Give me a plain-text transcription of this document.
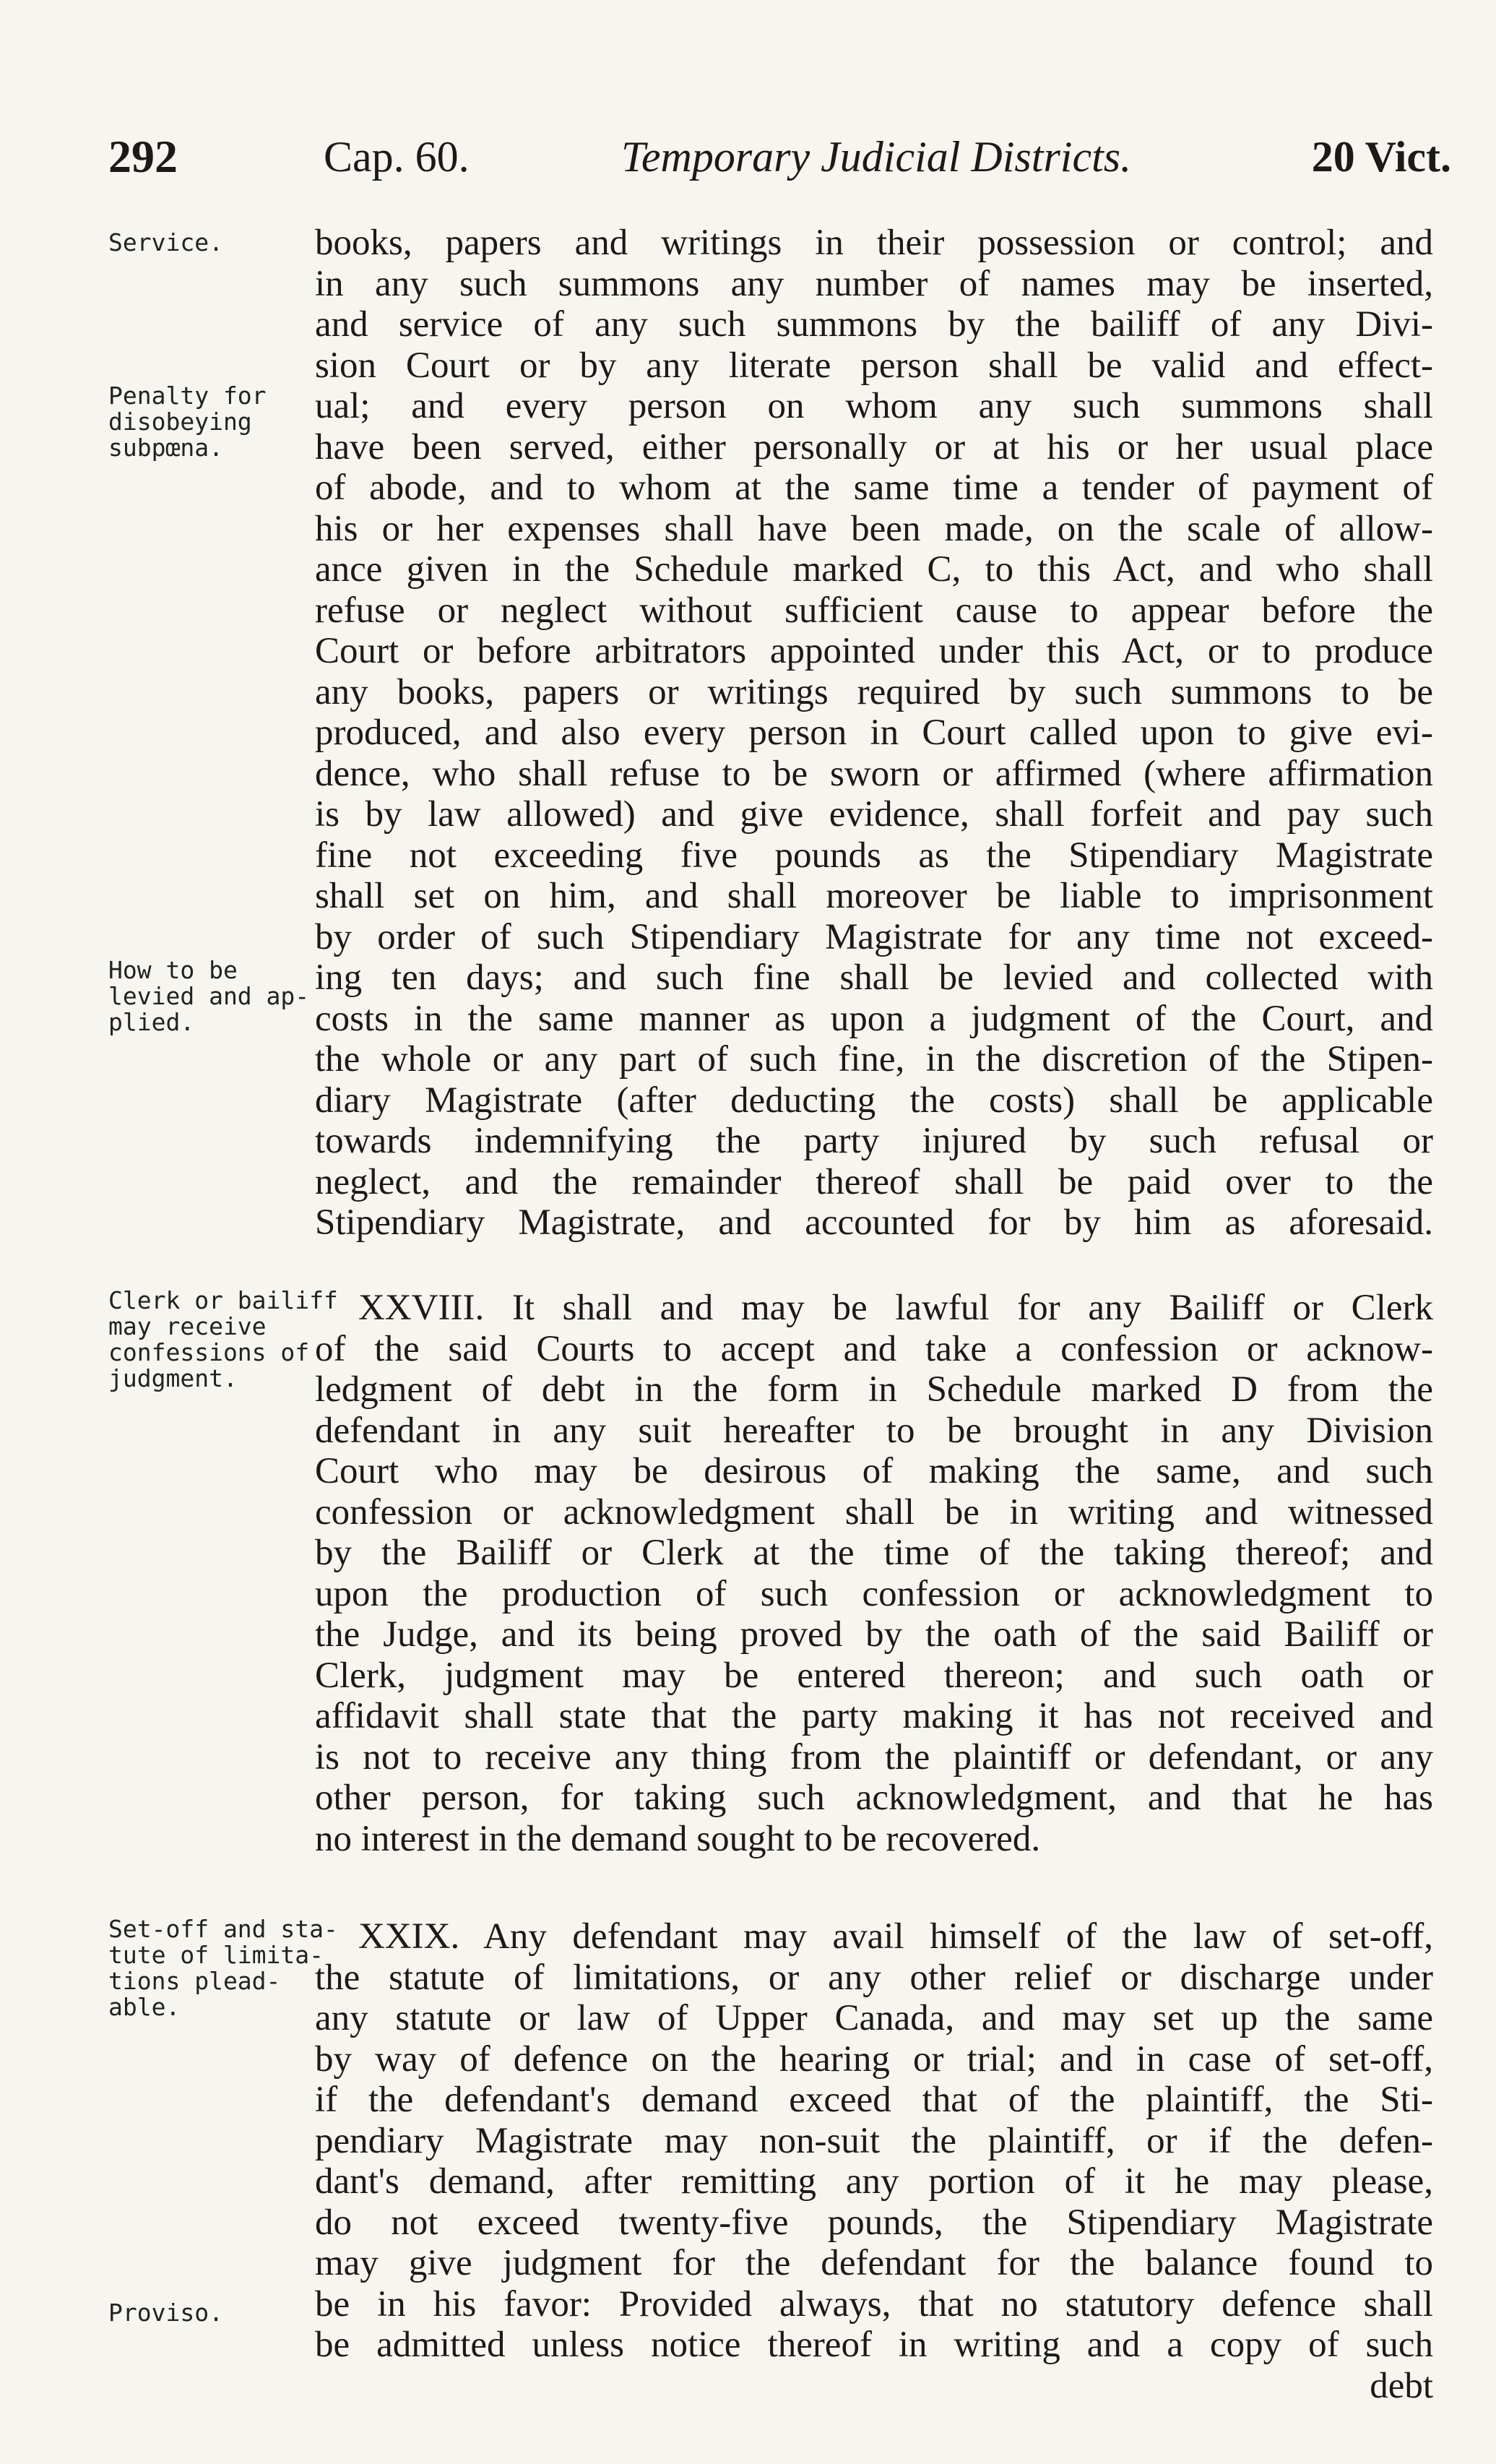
292	Cap. 60.	Temporary Judicial Districts.	20 Vict.
Service.
Penalty for
disobeying
subpœna.
How to be
levied and ap-
plied.
Clerk or bailiff
may receive
confessions of
judgment.
Set-off and sta-
tute of limita-
tions plead-
able.
Proviso.
books, papers and writings in their possession or control; and
in any such summons any number of names may be inserted,
and service of any such summons by the bailiff of any Divi-
sion Court or by any literate person shall be valid and effect-
ual; and every person on whom any such summons shall
have been served, either personally or at his or her usual place
of abode, and to whom at the same time a tender of payment of
his or her expenses shall have been made, on the scale of allow-
ance given in the Schedule marked C, to this Act, and who shall
refuse or neglect without sufficient cause to appear before the
Court or before arbitrators appointed under this Act, or to produce
any books, papers or writings required by such summons to be
produced, and also every person in Court called upon to give evi-
dence, who shall refuse to be sworn or affirmed (where affirmation
is by law allowed) and give evidence, shall forfeit and pay such
fine not exceeding five pounds as the Stipendiary Magistrate
shall set on him, and shall moreover be liable to imprisonment
by order of such Stipendiary Magistrate for any time not exceed-
ing ten days; and such fine shall be levied and collected with
costs in the same manner as upon a judgment of the Court, and
the whole or any part of such fine, in the discretion of the Stipen-
diary Magistrate (after deducting the costs) shall be applicable
towards indemnifying the party injured by such refusal or
neglect, and the remainder thereof shall be paid over to the
Stipendiary Magistrate, and accounted for by him as aforesaid.
XXVIII. It shall and may be lawful for any Bailiff or Clerk
of the said Courts to accept and take a confession or acknow-
ledgment of debt in the form in Schedule marked D from the
defendant in any suit hereafter to be brought in any Division
Court who may be desirous of making the same, and such
confession or acknowledgment shall be in writing and witnessed
by the Bailiff or Clerk at the time of the taking thereof; and
upon the production of such confession or acknowledgment to
the Judge, and its being proved by the oath of the said Bailiff or
Clerk, judgment may be entered thereon; and such oath or
affidavit shall state that the party making it has not received and
is not to receive any thing from the plaintiff or defendant, or any
other person, for taking such acknowledgment, and that he has
no interest in the demand sought to be recovered.
XXIX. Any defendant may avail himself of the law of set-off,
the statute of limitations, or any other relief or discharge under
any statute or law of Upper Canada, and may set up the same
by way of defence on the hearing or trial; and in case of set-off,
if the defendant's demand exceed that of the plaintiff, the Sti-
pendiary Magistrate may non-suit the plaintiff, or if the defen-
dant's demand, after remitting any portion of it he may please,
do not exceed twenty-five pounds, the Stipendiary Magistrate
may give judgment for the defendant for the balance found to
be in his favor: Provided always, that no statutory defence shall
be admitted unless notice thereof in writing and a copy of such
debt
